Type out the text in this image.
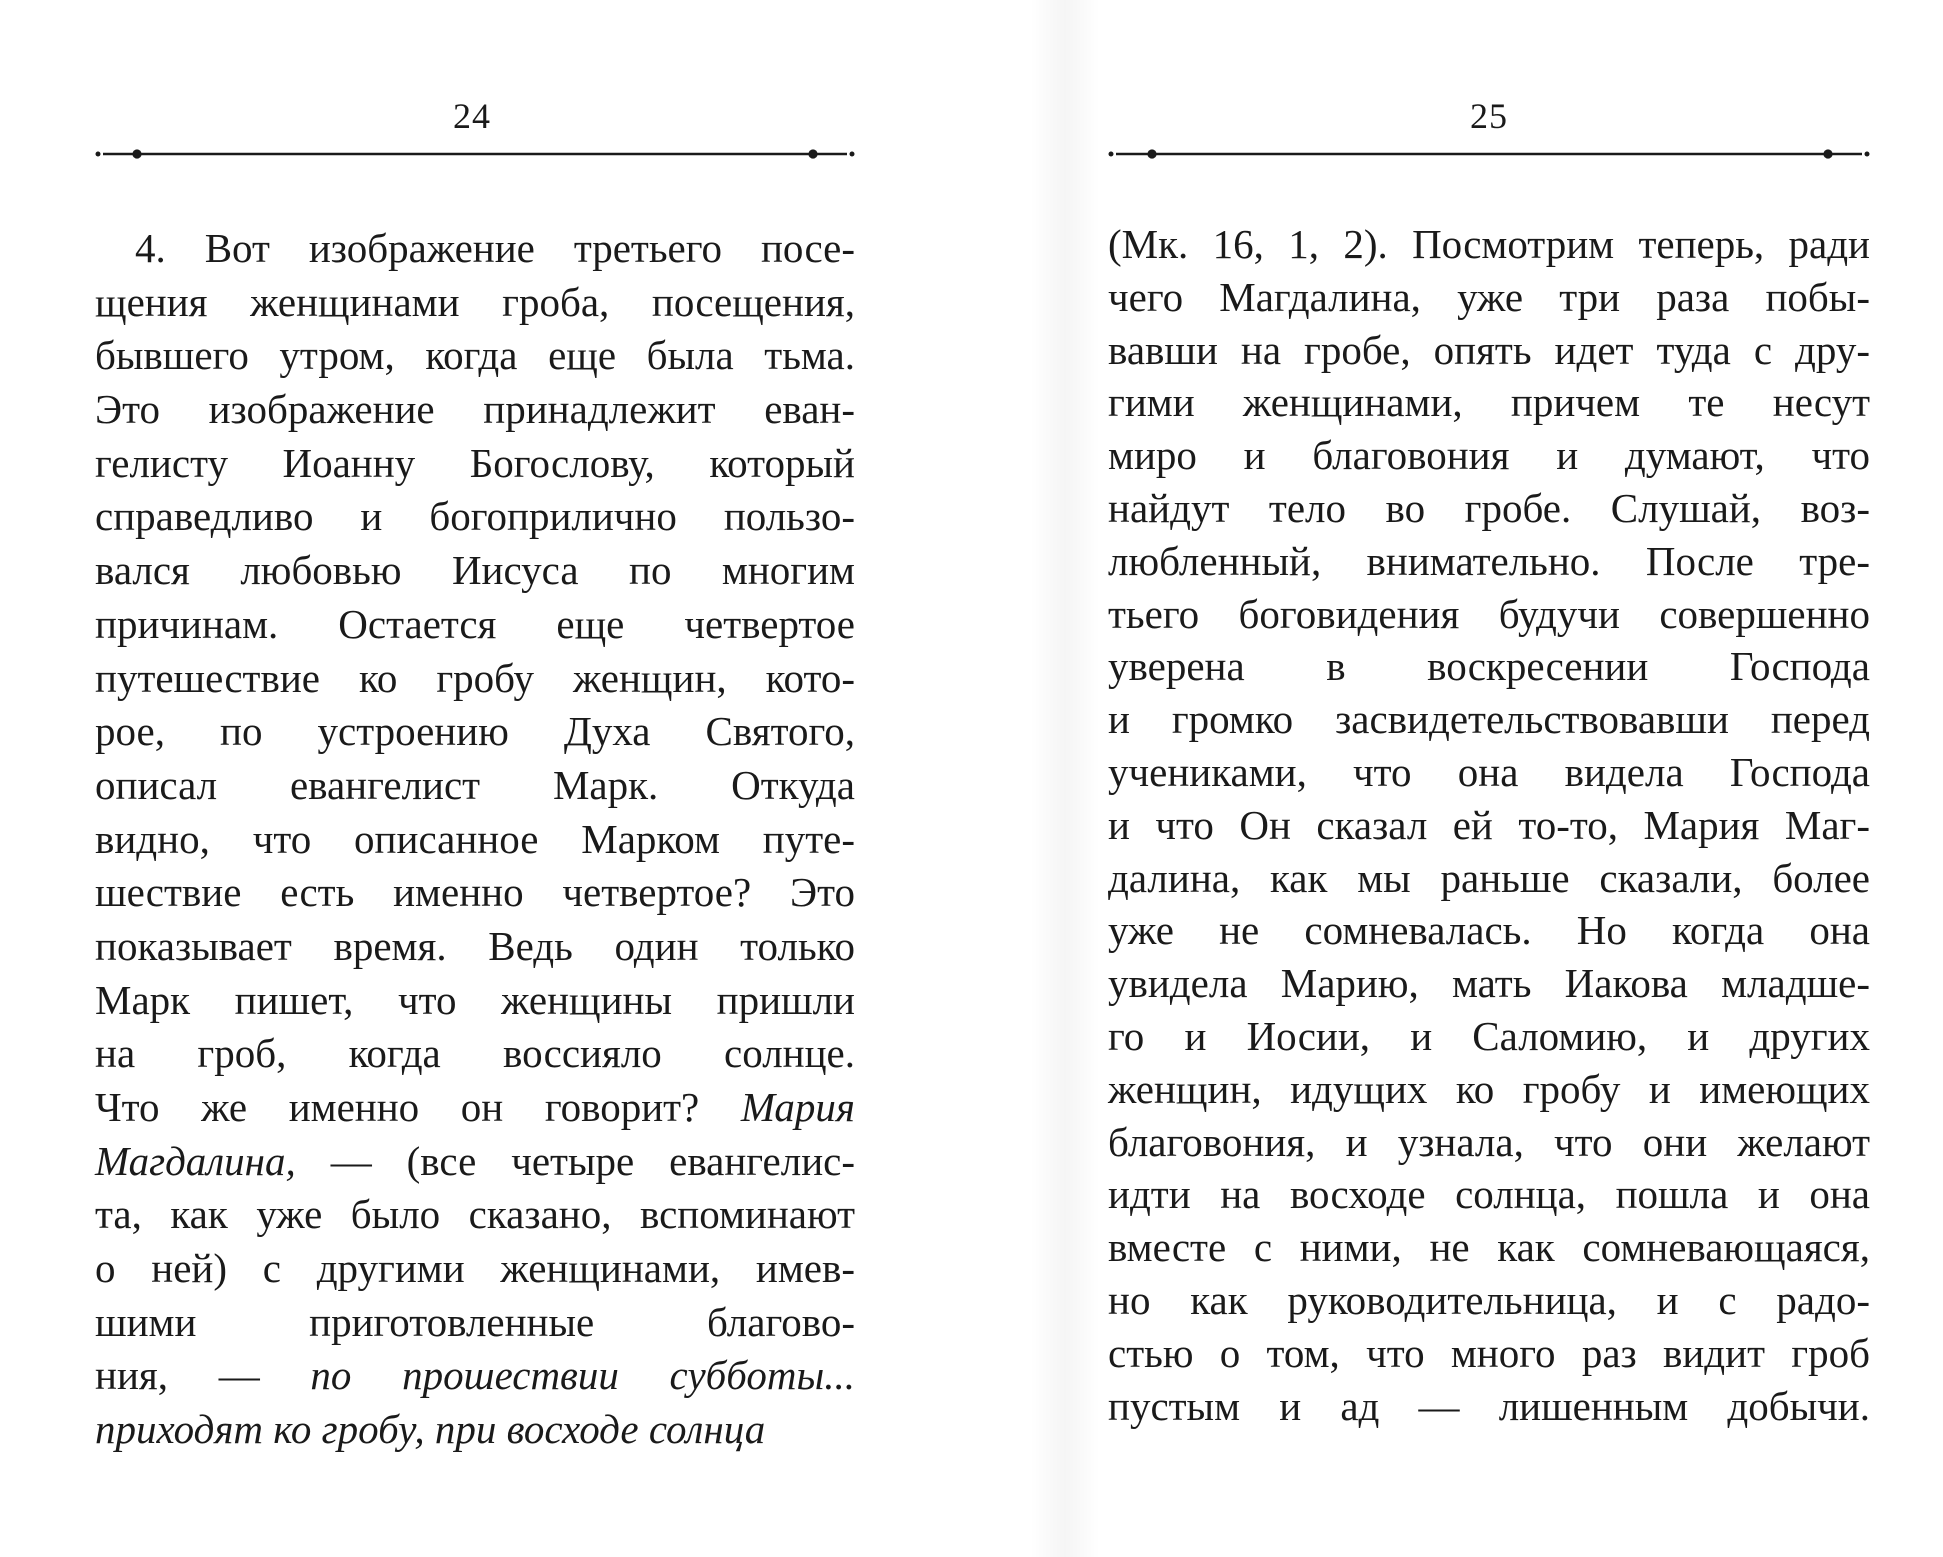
24
4. Вот изображение третьего посе-
щения женщинами гроба, посещения,
бывшего утром, когда еще была тьма.
Это изображение принадлежит еван-
гелисту Иоанну Богослову, который
справедливо и богоприлично пользо-
вался любовью Иисуса по многим
причинам. Остается еще четвертое
путешествие ко гробу женщин, кото-
рое, по устроению Духа Святого,
описал евангелист Марк. Откуда
видно, что описанное Марком путе-
шествие есть именно четвертое? Это
показывает время. Ведь один только
Марк пишет, что женщины пришли
на гроб, когда воссияло солнце.
Что же именно он говорит? Мария
Магдалина, — (все четыре евангелис-
та, как уже было сказано, вспоминают
о ней) с другими женщинами, имев-
шими приготовленные благово-
ния, — по прошествии субботы...
приходят ко гробу, при восходе солнца
25
(Мк. 16, 1, 2). Посмотрим теперь, ради
чего Магдалина, уже три раза побы-
вавши на гробе, опять идет туда с дру-
гими женщинами, причем те несут
миро и благовония и думают, что
найдут тело во гробе. Слушай, воз-
любленный, внимательно. После тре-
тьего боговидения будучи совершенно
уверена в воскресении Господа
и громко засвидетельствовавши перед
учениками, что она видела Господа
и что Он сказал ей то-то, Мария Маг-
далина, как мы раньше сказали, более
уже не сомневалась. Но когда она
увидела Марию, мать Иакова младше-
го и Иосии, и Саломию, и других
женщин, идущих ко гробу и имеющих
благовония, и узнала, что они желают
идти на восходе солнца, пошла и она
вместе с ними, не как сомневающаяся,
но как руководительница, и с радо-
стью о том, что много раз видит гроб
пустым и ад — лишенным добычи.
